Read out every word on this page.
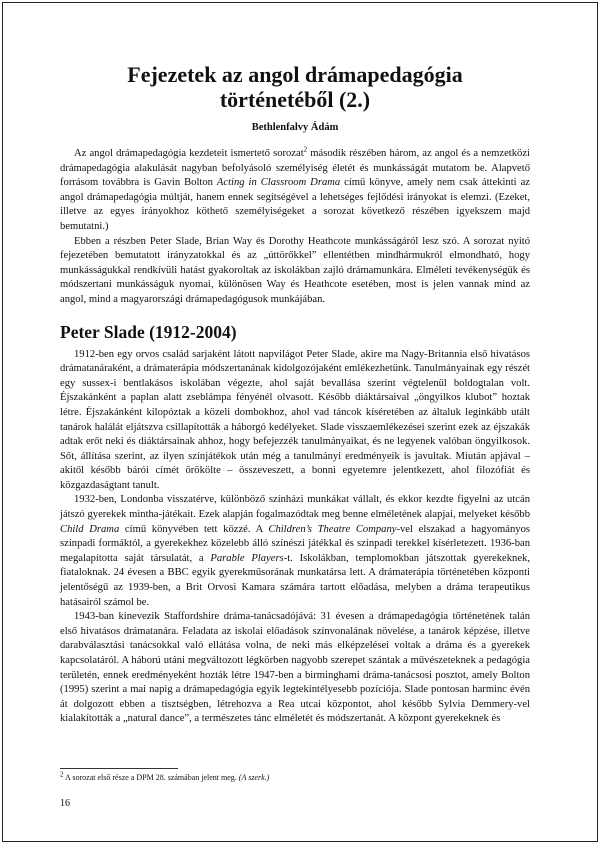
Fejezetek az angol drámapedagógia
történetéből (2.)
Bethlenfalvy Ádám

Az angol drámapedagógia kezdeteit ismertető sorozat$^2$ második részében három, az angol és a nemzetközi drámapedagógia alakulását nagyban befolyásoló személyiség életét és munkásságát mutatom be. Alapvető forrásom továbbra is Gavin Bolton Acting in Classroom Drama című könyve, amely nem csak áttekinti az angol drámapedagógia múltját, hanem ennek segítségével a lehetséges fejlődési irányokat is elemzi. (Ezeket, illetve az egyes irányokhoz köthető személyiségeket a sorozat következő részében igyekszem majd bemutatni.)

Ebben a részben Peter Slade, Brian Way és Dorothy Heathcote munkásságáról lesz szó. A sorozat nyitó fejezetében bemutatott irányzatokkal és az „úttörőkkel” ellentétben mindhármukról elmondható, hogy munkásságukkal rendkívüli hatást gyakoroltak az iskolákban zajló drámamunkára. Elméleti tevékenységük és módszertani munkásságuk nyomai, különösen Way és Heathcote esetében, most is jelen vannak mind az angol, mind a magyarországi drámapedagógusok munkájában.

Peter Slade (1912-2004)

1912-ben egy orvos család sarjaként látott napvilágot Peter Slade, akire ma Nagy-Britannia első hivatásos drámatanáraként, a drámaterápia módszertanának kidolgozójaként emlékezhetünk. Tanulmányainak egy részét egy sussex-i bentlakásos iskolában végezte, ahol saját bevallása szerint végtelenül boldogtalan volt. Éjszakánként a paplan alatt zseblámpa fényénél olvasott. Később diáktársaival „öngyilkos klubot” hoztak létre. Éjszakánként kilopóztak a közeli dombokhoz, ahol vad táncok kíséretében az általuk leginkább utált tanárok halálát eljátszva csillapították a háborgó kedélyeket. Slade visszaemlékezései szerint ezek az éjszakák adtak erőt neki és diáktársainak ahhoz, hogy befejezzék tanulmányaikat, és ne legyenek valóban öngyilkosok. Sőt, állítása szerint, az ilyen színjátékok után még a tanulmányi eredményeik is javultak. Miután apjával – akitől később bárói címét örökölte – összeveszett, a bonni egyetemre jelentkezett, ahol filozófiát és közgazdaságtant tanult.

1932-ben, Londonba visszatérve, különböző színházi munkákat vállalt, és ekkor kezdte figyelni az utcán játszó gyerekek mintha-játékait. Ezek alapján fogalmazódtak meg benne elméletének alapjai, melyeket később Child Drama című könyvében tett közzé. A Children’s Theatre Company-vel elszakad a hagyományos színpadi formáktól, a gyerekekhez közelebb álló színészi játékkal és színpadi terekkel kísérletezett. 1936-ban megalapította saját társulatát, a Parable Players-t. Iskolákban, templomokban játszottak gyerekeknek, fiataloknak. 24 évesen a BBC egyik gyerekműsorának munkatársa lett. A drámaterápia történetében központi jelentőségű az 1939-ben, a Brit Orvosi Kamara számára tartott előadása, melyben a dráma terapeutikus hatásairól számol be.

1943-ban kinevezik Staffordshire dráma-tanácsadójává: 31 évesen a drámapedagógia történetének talán első hivatásos drámatanára. Feladata az iskolai előadások színvonalának növelése, a tanárok képzése, illetve darabválasztási tanácsokkal való ellátása volna, de neki más elképzelései voltak a dráma és a gyerekek kapcsolatáról. A háború utáni megváltozott légkörben nagyobb szerepet szántak a művészeteknek a pedagógia területén, ennek eredményeként hozták létre 1947-ben a birminghami dráma-tanácsosi posztot, amely Bolton (1995) szerint a mai napig a drámapedagógia egyik legtekintélyesebb pozíciója. Slade pontosan harminc évén át dolgozott ebben a tisztségben, létrehozva a Rea utcai központot, ahol később Sylvia Demmery-vel kialakították a „natural dance”, a természetes tánc elméletét és módszertanát. A központ gyerekeknek és

$^2$ A sorozat első része a DPM 28. számában jelent meg. (A szerk.)
16
